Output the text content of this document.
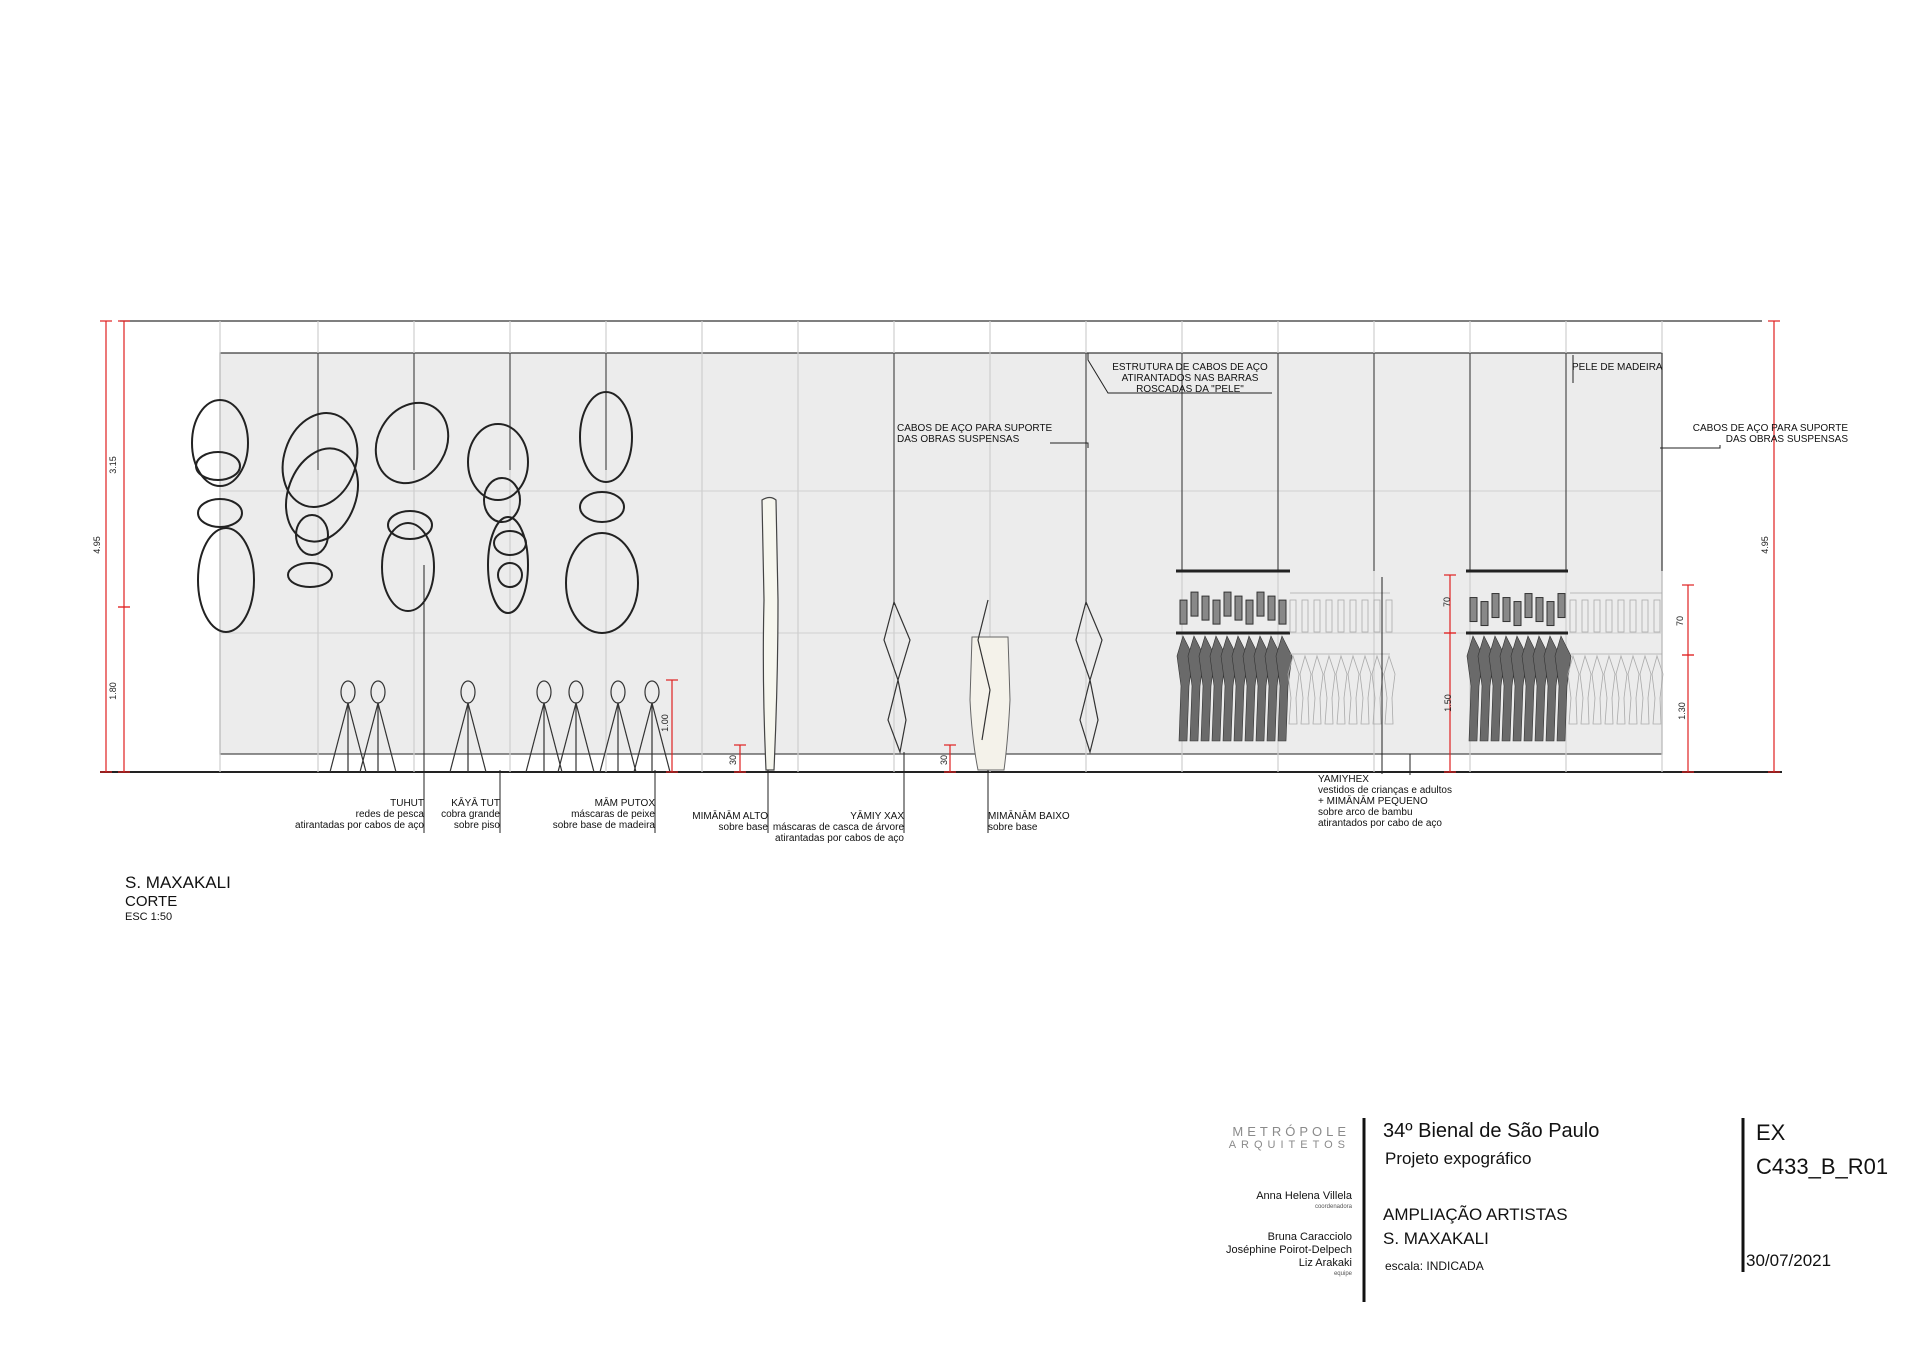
3.15
1.80
4.95	4.95
1.00
30	30
70
1.50
70
1.30
ESTRUTURA DE CABOS DE AÇO
ATIRANTADOS NAS BARRAS
ROSCADAS DA "PELE"
PELE DE MADEIRA
CABOS DE AÇO PARA SUPORTE
DAS OBRAS SUSPENSAS
CABOS DE AÇO PARA SUPORTE
DAS OBRAS SUSPENSAS
TUHUT
redes de pesca
atirantadas por cabos de aço
KĀYĀ TUT
cobra grande
sobre piso
MĀM PUTOX
máscaras de peixe
sobre base de madeira
MIMĀNĀM ALTO
sobre base
YĀMIY XAX
máscaras de casca de árvore
atirantadas por cabos de aço
MIMĀNĀM BAIXO
sobre base
YAMIYHEX
vestidos de crianças e adultos
+ MIMĀNĀM PEQUENO
sobre arco de bambu
atirantados por cabo de aço
S. MAXAKALI
CORTE
ESC 1:50
METRÓPOLE
ARQUITETOS
Anna Helena Villela
coordenadora
Bruna Caracciolo
Joséphine Poirot-Delpech
Liz Arakaki
equipe
34º Bienal de São Paulo
Projeto expográfico
AMPLIAÇÃO ARTISTAS
S. MAXAKALI
escala: INDICADA
EX
C433_B_R01
30/07/2021
